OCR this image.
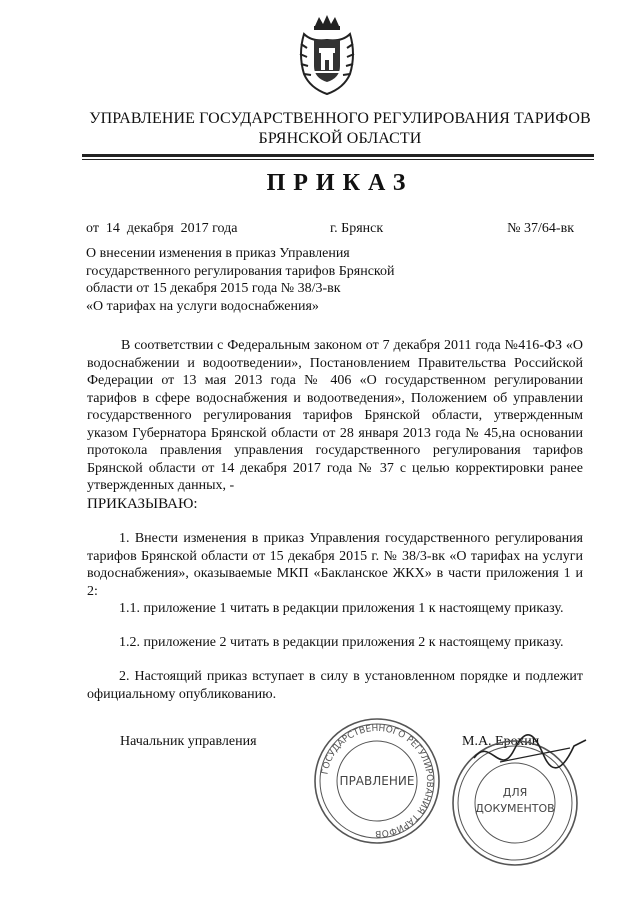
УПРАВЛЕНИЕ ГОСУДАРСТВЕННОГО РЕГУЛИРОВАНИЯ ТАРИФОВ
БРЯНСКОЙ ОБЛАСТИ
ПРИКАЗ
от  14  декабря  2017 года	г. Брянск	№ 37/64-вк
О внесении изменения в приказ Управления
государственного регулирования тарифов Брянской
области от 15 декабря 2015 года № 38/3-вк
«О тарифах на услуги водоснабжения»
В соответствии с Федеральным законом от 7 декабря 2011 года №416-ФЗ «О водоснабжении и водоотведении», Постановлением Правительства Российской Федерации от 13 мая 2013 года № 406 «О государственном регулировании тарифов в сфере водоснабжения и водоотведения», Положением об управлении государственного регулирования тарифов Брянской области, утвержденным указом Губернатора Брянской области от 28 января 2013 года № 45,на основании протокола правления управления государственного регулирования тарифов Брянской области от 14 декабря 2017 года № 37 с целью корректировки ранее утвержденных данных, -
ПРИКАЗЫВАЮ:
1. Внести изменения в приказ Управления государственного регулирования тарифов Брянской области от 15 декабря 2015 г. № 38/3-вк «О тарифах на услуги водоснабжения», оказываемые МКП «Бакланское ЖКХ» в части приложения 1 и 2:
1.1. приложение 1 читать в редакции приложения 1 к настоящему приказу.
1.2. приложение 2 читать в редакции приложения 2 к настоящему приказу.
2. Настоящий приказ вступает в силу в установленном порядке и подлежит официальному опубликованию.
Начальник управления	М.А. Ерохин
ГОСУДАРСТВЕННОГО РЕГУЛИРОВАНИЯ ТАРИФОВ
ПРАВЛЕНИЕ
ДЛЯ
ДОКУМЕНТОВ
